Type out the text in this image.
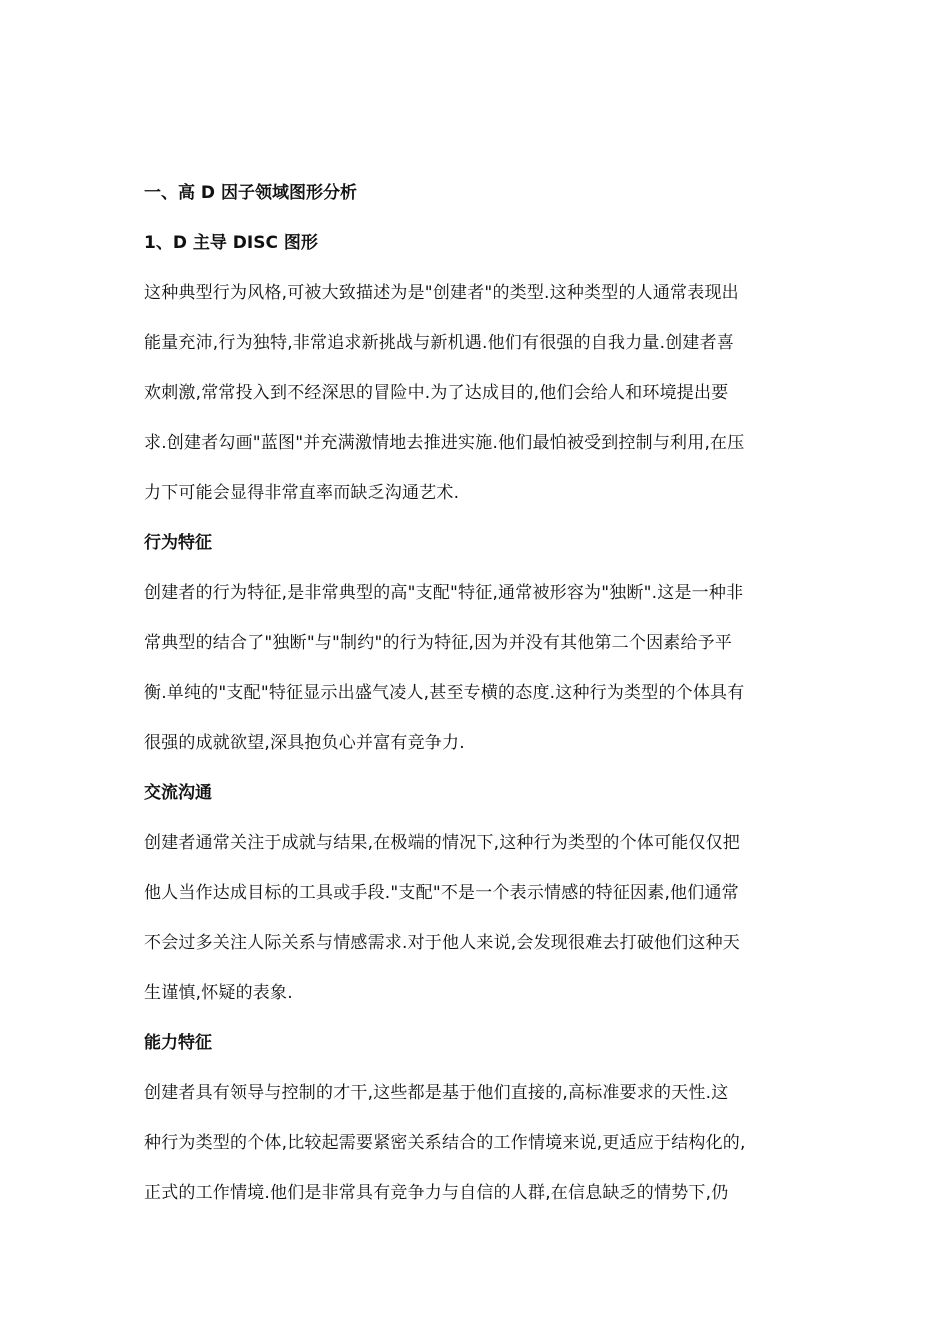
一、高 D 因子领域图形分析
1、D 主导 DISC 图形

这种典型行为风格,可被大致描述为是"创建者"的类型.这种类型的人通常表现出
能量充沛,行为独特,非常追求新挑战与新机遇.他们有很强的自我力量.创建者喜
欢刺激,常常投入到不经深思的冒险中.为了达成目的,他们会给人和环境提出要
求.创建者勾画"蓝图"并充满激情地去推进实施.他们最怕被受到控制与利用,在压
力下可能会显得非常直率而缺乏沟通艺术.

行为特征

创建者的行为特征,是非常典型的高"支配"特征,通常被形容为"独断".这是一种非
常典型的结合了"独断"与"制约"的行为特征,因为并没有其他第二个因素给予平
衡.单纯的"支配"特征显示出盛气凌人,甚至专横的态度.这种行为类型的个体具有
很强的成就欲望,深具抱负心并富有竞争力.

交流沟通

创建者通常关注于成就与结果,在极端的情况下,这种行为类型的个体可能仅仅把
他人当作达成目标的工具或手段."支配"不是一个表示情感的特征因素,他们通常
不会过多关注人际关系与情感需求.对于他人来说,会发现很难去打破他们这种天
生谨慎,怀疑的表象.

能力特征

创建者具有领导与控制的才干,这些都是基于他们直接的,高标准要求的天性.这
种行为类型的个体,比较起需要紧密关系结合的工作情境来说,更适应于结构化的,
正式的工作情境.他们是非常具有竞争力与自信的人群,在信息缺乏的情势下,仍
